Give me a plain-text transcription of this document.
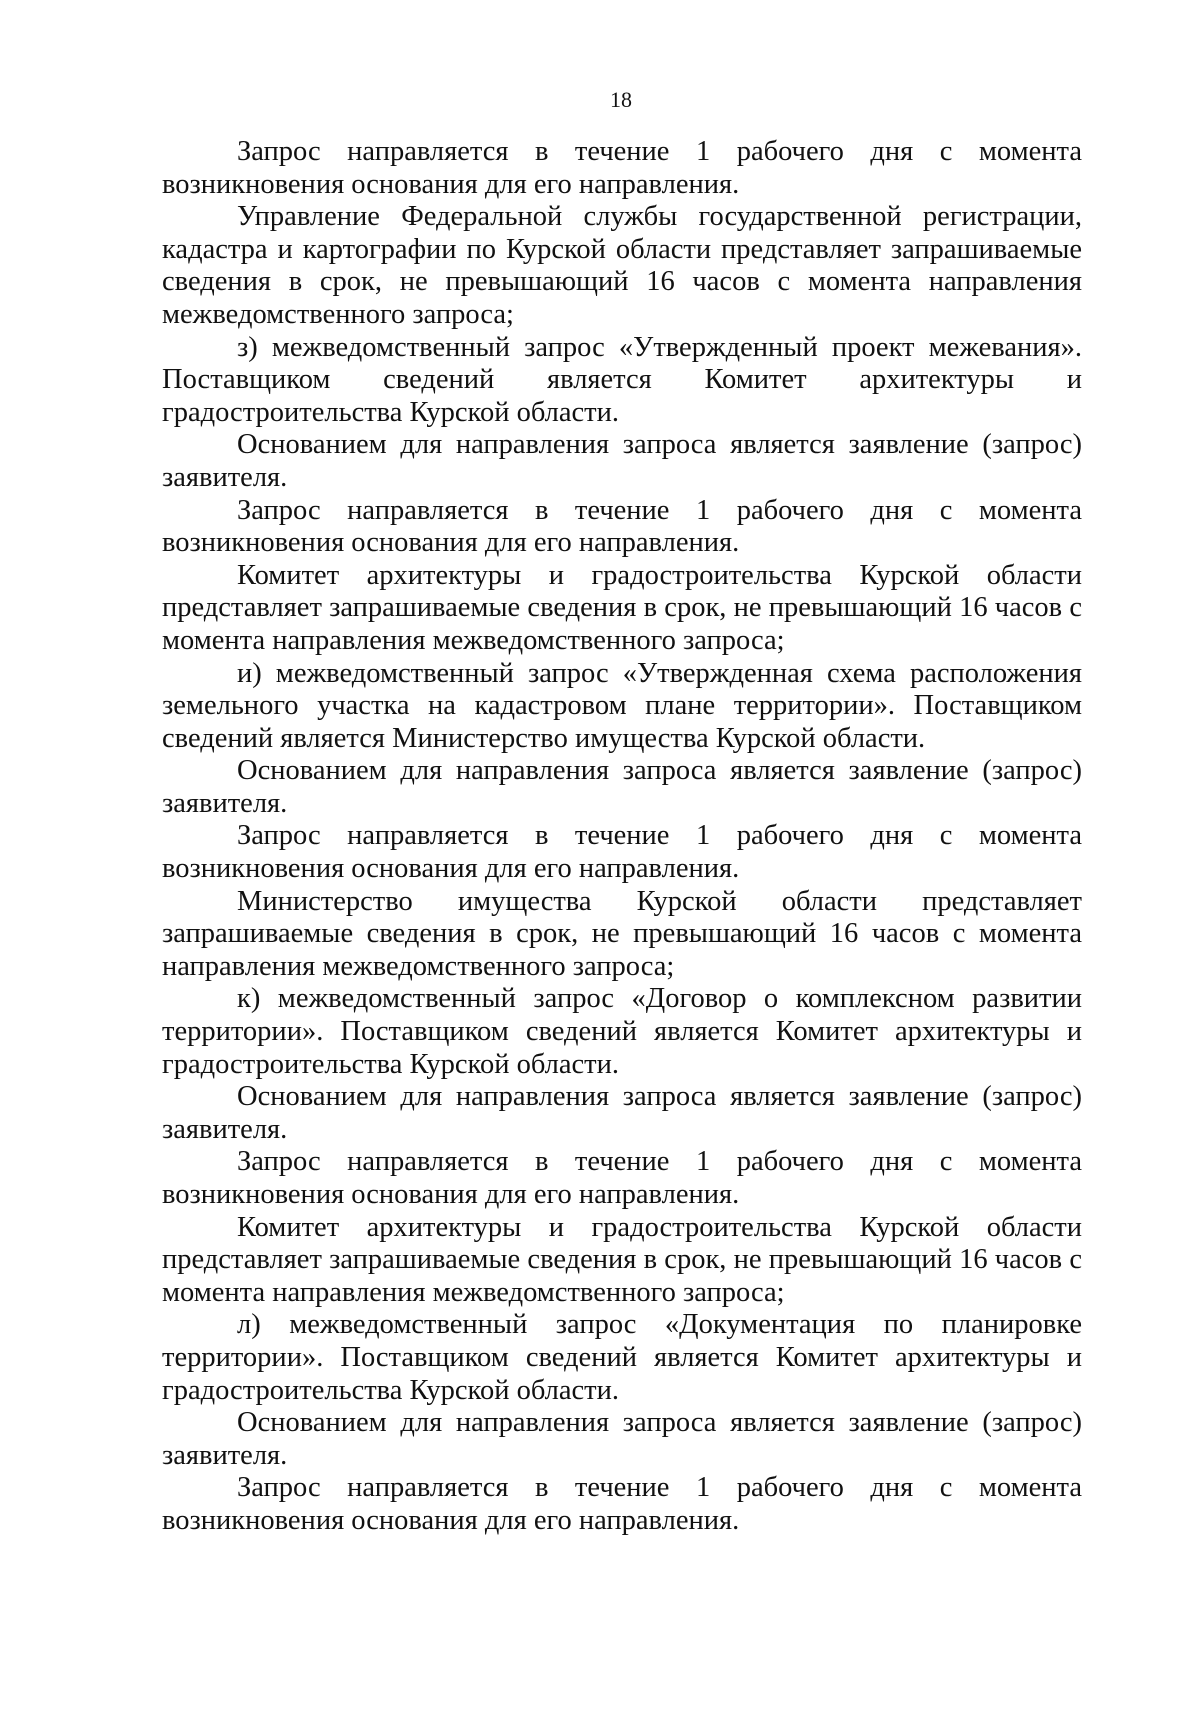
18

Запрос направляется в течение 1 рабочего дня с момента возникновения основания для его направления.

Управление Федеральной службы государственной регистрации, кадастра и картографии по Курской области представляет запрашиваемые сведения в срок, не превышающий 16 часов с момента направления межведомственного запроса;

з) межведомственный запрос «Утвержденный проект межевания». Поставщиком сведений является Комитет архитектуры и градостроительства Курской области.

Основанием для направления запроса является заявление (запрос) заявителя.

Запрос направляется в течение 1 рабочего дня с момента возникновения основания для его направления.

Комитет архитектуры и градостроительства Курской области представляет запрашиваемые сведения в срок, не превышающий 16 часов с момента направления межведомственного запроса;

и) межведомственный запрос «Утвержденная схема расположения земельного участка на кадастровом плане территории». Поставщиком сведений является Министерство имущества Курской области.

Основанием для направления запроса является заявление (запрос) заявителя.

Запрос направляется в течение 1 рабочего дня с момента возникновения основания для его направления.

Министерство имущества Курской области представляет запрашиваемые сведения в срок, не превышающий 16 часов с момента направления межведомственного запроса;

к) межведомственный запрос «Договор о комплексном развитии территории». Поставщиком сведений является Комитет архитектуры и градостроительства Курской области.

Основанием для направления запроса является заявление (запрос) заявителя.

Запрос направляется в течение 1 рабочего дня с момента возникновения основания для его направления.

Комитет архитектуры и градостроительства Курской области представляет запрашиваемые сведения в срок, не превышающий 16 часов с момента направления межведомственного запроса;

л) межведомственный запрос «Документация по планировке территории». Поставщиком сведений является Комитет архитектуры и градостроительства Курской области.

Основанием для направления запроса является заявление (запрос) заявителя.

Запрос направляется в течение 1 рабочего дня с момента возникновения основания для его направления.
